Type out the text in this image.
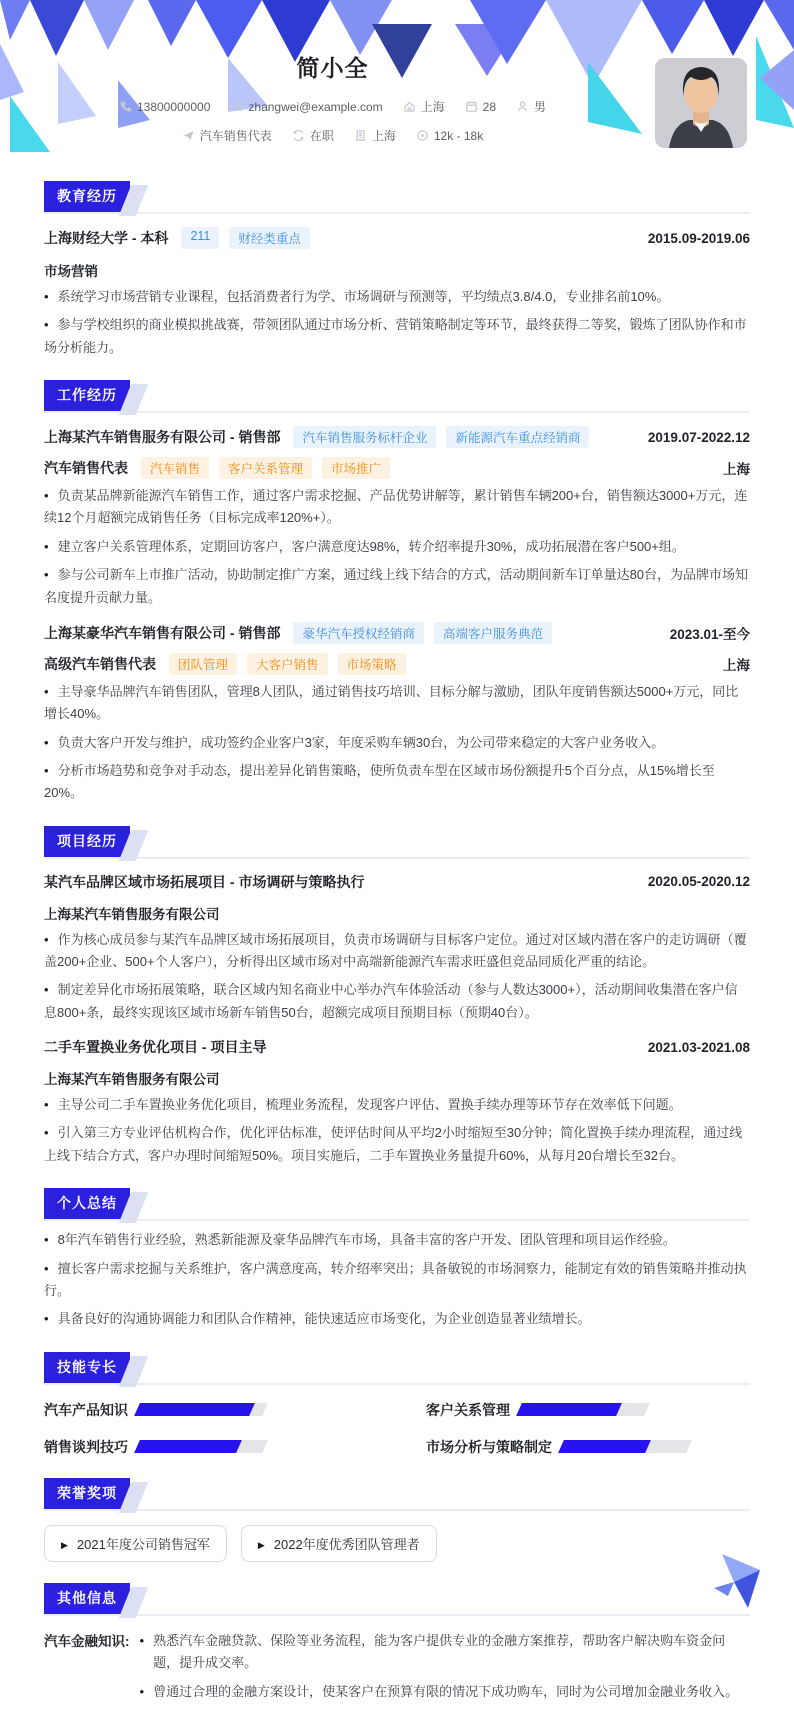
简小全
13800000000	zhangwei@example.com	上海	28	男
汽车销售代表	在职	上海	12k - 18k
教育经历
上海财经大学 - 本科	211	财经类重点	2015.09-2019.06
市场营销

• 系统学习市场营销专业课程，包括消费者行为学、市场调研与预测等，平均绩点3.8/4.0，专业排名前10%。

• 参与学校组织的商业模拟挑战赛，带领团队通过市场分析、营销策略制定等环节，最终获得二等奖，锻炼了团队协作和市场分析能力。

工作经历
上海某汽车销售服务有限公司 - 销售部	汽车销售服务标杆企业	新能源汽车重点经销商	2019.07-2022.12
汽车销售代表	汽车销售	客户关系管理	市场推广	上海

• 负责某品牌新能源汽车销售工作，通过客户需求挖掘、产品优势讲解等，累计销售车辆200+台，销售额达3000+万元，连续12个月超额完成销售任务（目标完成率120%+）。

• 建立客户关系管理体系，定期回访客户，客户满意度达98%，转介绍率提升30%，成功拓展潜在客户500+组。

• 参与公司新车上市推广活动，协助制定推广方案，通过线上线下结合的方式，活动期间新车订单量达80台，为品牌市场知名度提升贡献力量。

上海某豪华汽车销售有限公司 - 销售部	豪华汽车授权经销商	高端客户服务典范	2023.01-至今
高级汽车销售代表	团队管理	大客户销售	市场策略	上海

• 主导豪华品牌汽车销售团队，管理8人团队，通过销售技巧培训、目标分解与激励，团队年度销售额达5000+万元，同比增长40%。

• 负责大客户开发与维护，成功签约企业客户3家，年度采购车辆30台，为公司带来稳定的大客户业务收入。

• 分析市场趋势和竞争对手动态，提出差异化销售策略，使所负责车型在区域市场份额提升5个百分点，从15%增长至20%。

项目经历
某汽车品牌区域市场拓展项目 - 市场调研与策略执行	2020.05-2020.12
上海某汽车销售服务有限公司

• 作为核心成员参与某汽车品牌区域市场拓展项目，负责市场调研与目标客户定位。通过对区域内潜在客户的走访调研（覆盖200+企业、500+个人客户），分析得出区域市场对中高端新能源汽车需求旺盛但竞品同质化严重的结论。

• 制定差异化市场拓展策略，联合区域内知名商业中心举办汽车体验活动（参与人数达3000+），活动期间收集潜在客户信息800+条，最终实现该区域市场新车销售50台，超额完成项目预期目标（预期40台）。

二手车置换业务优化项目 - 项目主导	2021.03-2021.08
上海某汽车销售服务有限公司

• 主导公司二手车置换业务优化项目，梳理业务流程，发现客户评估、置换手续办理等环节存在效率低下问题。

• 引入第三方专业评估机构合作，优化评估标准，使评估时间从平均2小时缩短至30分钟；简化置换手续办理流程，通过线上线下结合方式，客户办理时间缩短50%。项目实施后，二手车置换业务量提升60%，从每月20台增长至32台。

个人总结

• 8年汽车销售行业经验，熟悉新能源及豪华品牌汽车市场，具备丰富的客户开发、团队管理和项目运作经验。

• 擅长客户需求挖掘与关系维护，客户满意度高，转介绍率突出；具备敏锐的市场洞察力，能制定有效的销售策略并推动执行。

• 具备良好的沟通协调能力和团队合作精神，能快速适应市场变化，为企业创造显著业绩增长。

技能专长
汽车产品知识	客户关系管理
销售谈判技巧	市场分析与策略制定
荣誉奖项
▶
2021年度公司销售冠军 ▶	2022年度优秀团队管理者
其他信息
汽车金融知识: • 熟悉汽车金融贷款、保险等业务流程，能为客户提供专业的金融方案推荐，帮助客户解决购车资金问题，提升成交率。
• 曾通过合理的金融方案设计，使某客户在预算有限的情况下成功购车，同时为公司增加金融业务收入。
